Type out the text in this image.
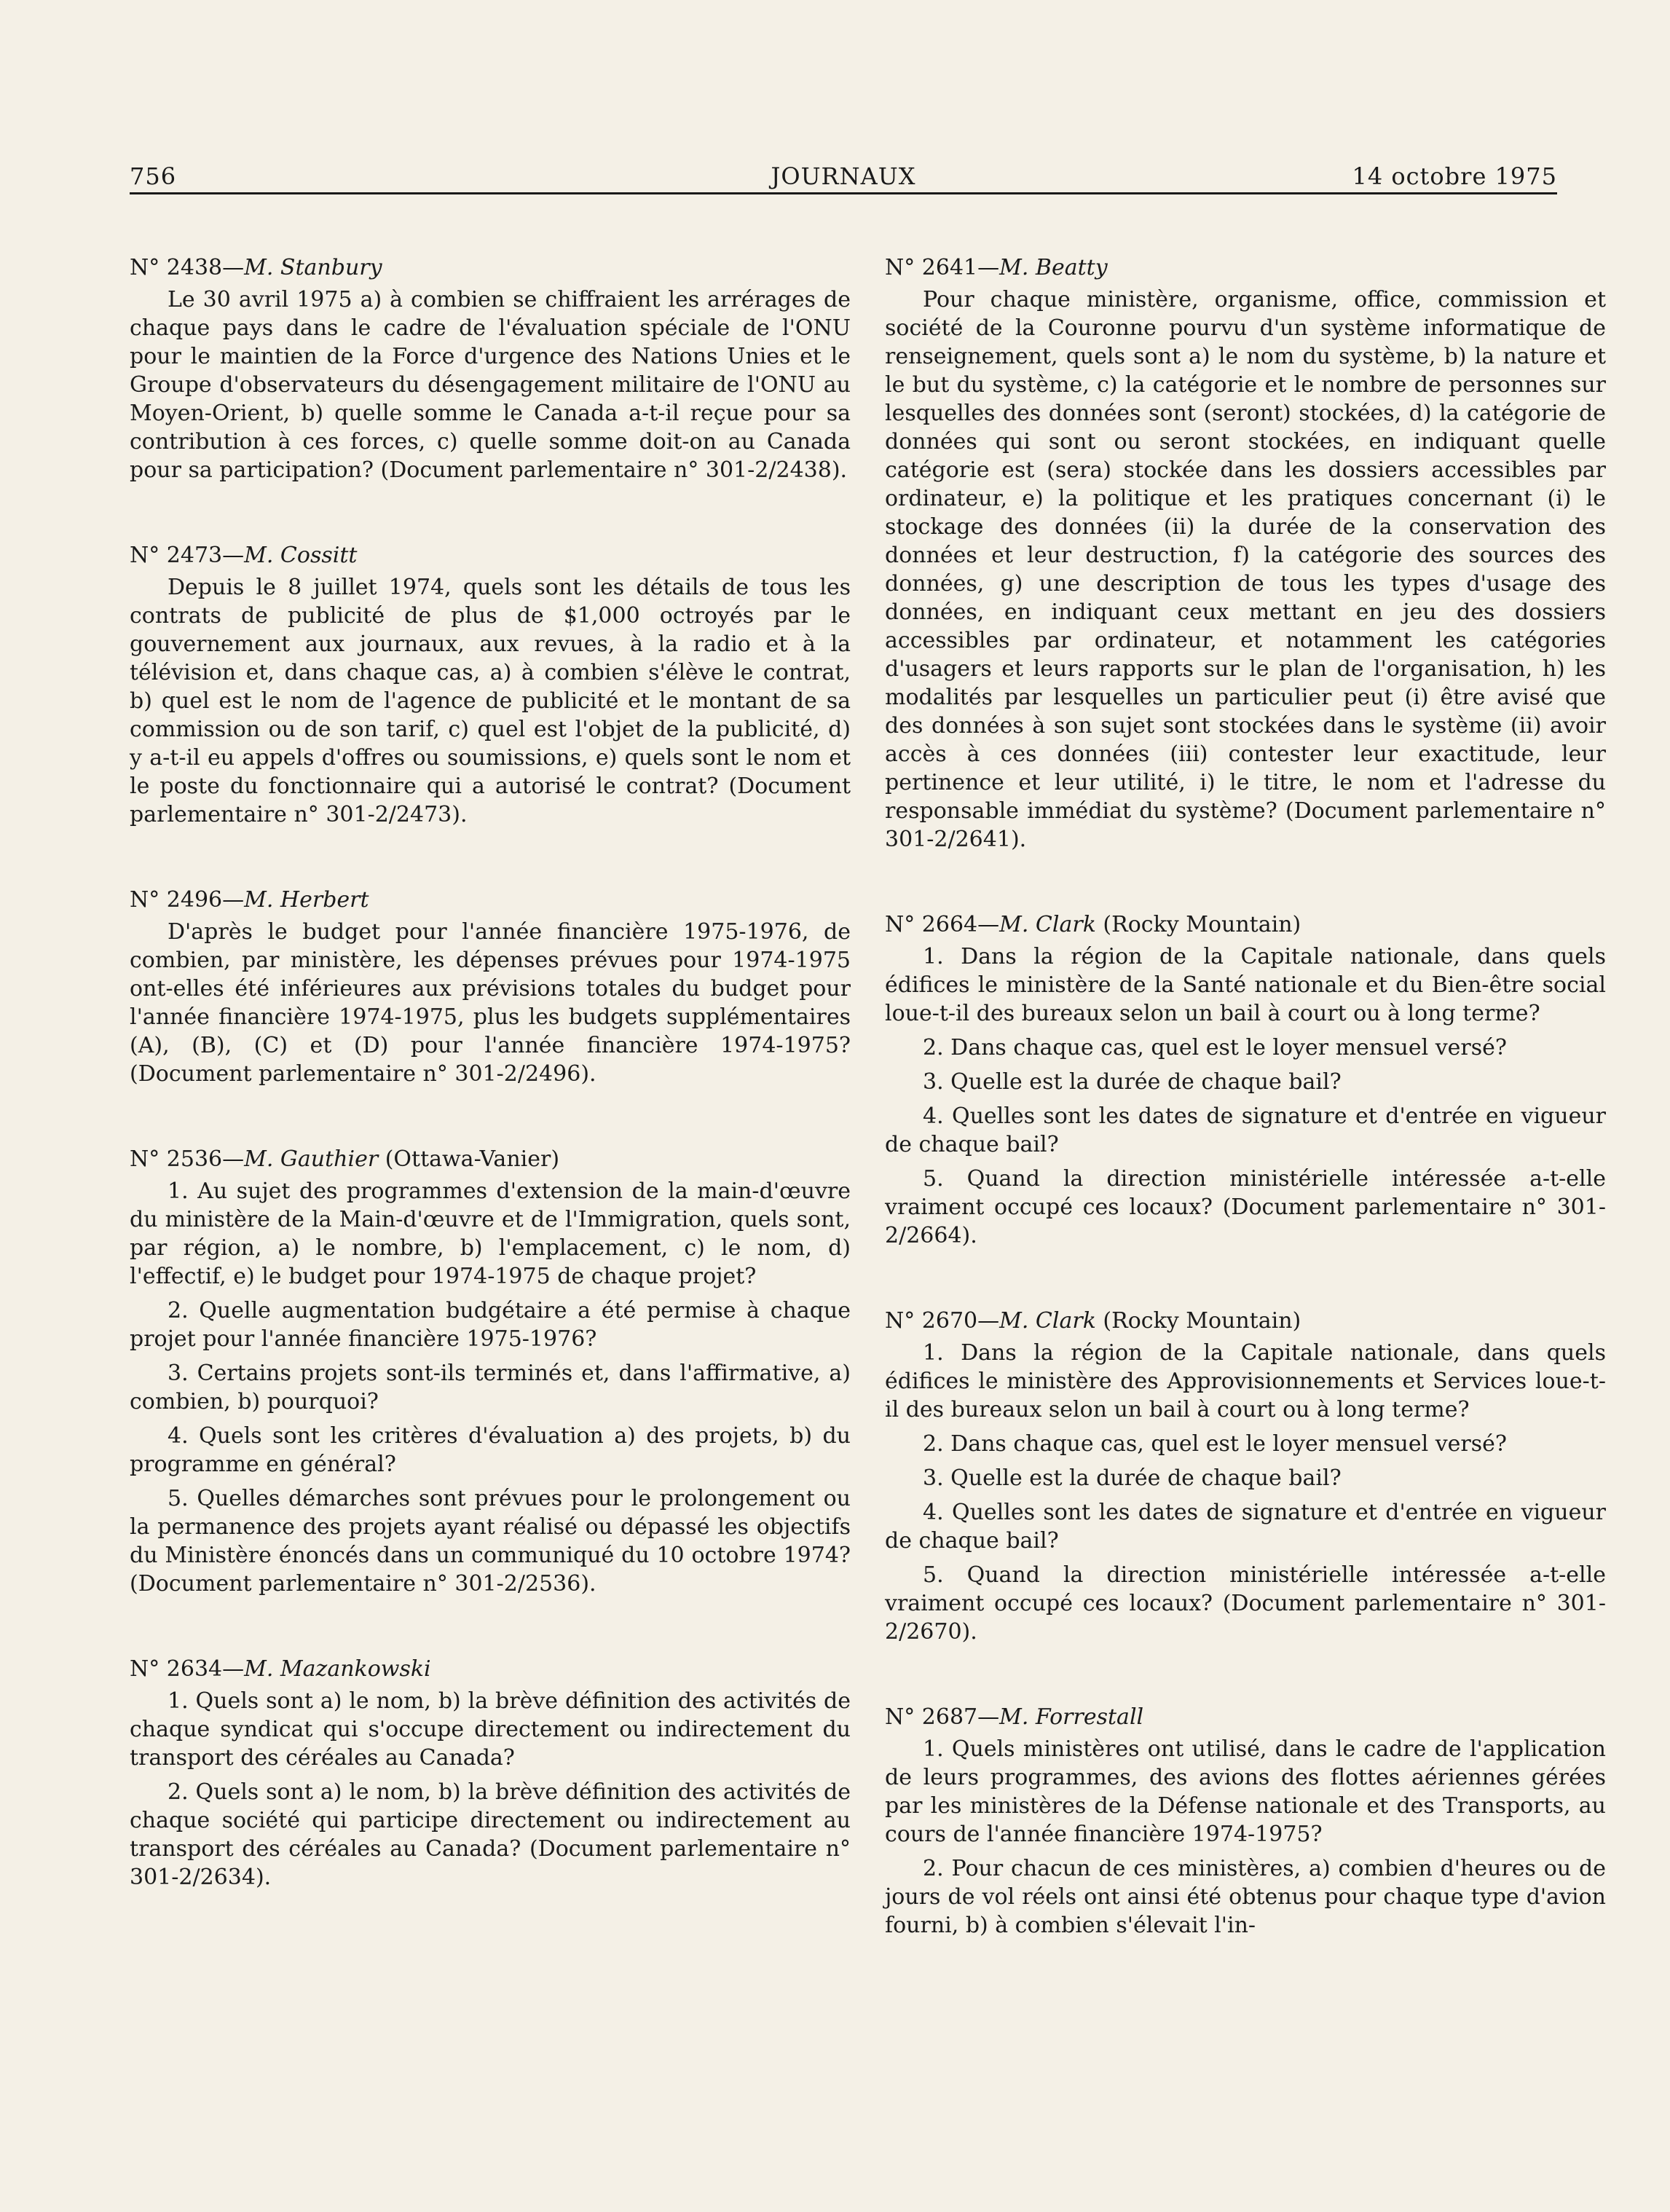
756	JOURNAUX	14 octobre 1975

N° 2438—M. Stanbury

Le 30 avril 1975 a) à combien se chiffraient les arrérages de chaque pays dans le cadre de l'évaluation spéciale de l'ONU pour le maintien de la Force d'urgence des Nations Unies et le Groupe d'observateurs du désengagement militaire de l'ONU au Moyen-Orient, b) quelle somme le Canada a-t-il reçue pour sa contribution à ces forces, c) quelle somme doit-on au Canada pour sa participation? (Document parlementaire n° 301-2/2438).

N° 2473—M. Cossitt

Depuis le 8 juillet 1974, quels sont les détails de tous les contrats de publicité de plus de $1,000 octroyés par le gouvernement aux journaux, aux revues, à la radio et à la télévision et, dans chaque cas, a) à combien s'élève le contrat, b) quel est le nom de l'agence de publicité et le montant de sa commission ou de son tarif, c) quel est l'objet de la publicité, d) y a-t-il eu appels d'offres ou soumissions, e) quels sont le nom et le poste du fonctionnaire qui a autorisé le contrat? (Document parlementaire n° 301-2/2473).

N° 2496—M. Herbert

D'après le budget pour l'année financière 1975-1976, de combien, par ministère, les dépenses prévues pour 1974-1975 ont-elles été inférieures aux prévisions totales du budget pour l'année financière 1974-1975, plus les budgets supplémentaires (A), (B), (C) et (D) pour l'année financière 1974-1975? (Document parlementaire n° 301-2/2496).

N° 2536—M. Gauthier (Ottawa-Vanier)

1. Au sujet des programmes d'extension de la main-d'œuvre du ministère de la Main-d'œuvre et de l'Immigration, quels sont, par région, a) le nombre, b) l'emplacement, c) le nom, d) l'effectif, e) le budget pour 1974-1975 de chaque projet?

2. Quelle augmentation budgétaire a été permise à chaque projet pour l'année financière 1975-1976?

3. Certains projets sont-ils terminés et, dans l'affirmative, a) combien, b) pourquoi?

4. Quels sont les critères d'évaluation a) des projets, b) du programme en général?

5. Quelles démarches sont prévues pour le prolongement ou la permanence des projets ayant réalisé ou dépassé les objectifs du Ministère énoncés dans un communiqué du 10 octobre 1974? (Document parlementaire n° 301-2/2536).

N° 2634—M. Mazankowski

1. Quels sont a) le nom, b) la brève définition des activités de chaque syndicat qui s'occupe directement ou indirectement du transport des céréales au Canada?

2. Quels sont a) le nom, b) la brève définition des activités de chaque société qui participe directement ou indirectement au transport des céréales au Canada? (Document parlementaire n° 301-2/2634).

N° 2641—M. Beatty

Pour chaque ministère, organisme, office, commission et société de la Couronne pourvu d'un système informatique de renseignement, quels sont a) le nom du système, b) la nature et le but du système, c) la catégorie et le nombre de personnes sur lesquelles des données sont (seront) stockées, d) la catégorie de données qui sont ou seront stockées, en indiquant quelle catégorie est (sera) stockée dans les dossiers accessibles par ordinateur, e) la politique et les pratiques concernant (i) le stockage des données (ii) la durée de la conservation des données et leur destruction, f) la catégorie des sources des données, g) une description de tous les types d'usage des données, en indiquant ceux mettant en jeu des dossiers accessibles par ordinateur, et notamment les catégories d'usagers et leurs rapports sur le plan de l'organisation, h) les modalités par lesquelles un particulier peut (i) être avisé que des données à son sujet sont stockées dans le système (ii) avoir accès à ces données (iii) contester leur exactitude, leur pertinence et leur utilité, i) le titre, le nom et l'adresse du responsable immédiat du système? (Document parlementaire n° 301-2/2641).

N° 2664—M. Clark (Rocky Mountain)

1. Dans la région de la Capitale nationale, dans quels édifices le ministère de la Santé nationale et du Bien-être social loue-t-il des bureaux selon un bail à court ou à long terme?

2. Dans chaque cas, quel est le loyer mensuel versé?

3. Quelle est la durée de chaque bail?

4. Quelles sont les dates de signature et d'entrée en vigueur de chaque bail?

5. Quand la direction ministérielle intéressée a-t-elle vraiment occupé ces locaux? (Document parlementaire n° 301-2/2664).

N° 2670—M. Clark (Rocky Mountain)

1. Dans la région de la Capitale nationale, dans quels édifices le ministère des Approvisionnements et Services loue-t-il des bureaux selon un bail à court ou à long terme?

2. Dans chaque cas, quel est le loyer mensuel versé?

3. Quelle est la durée de chaque bail?

4. Quelles sont les dates de signature et d'entrée en vigueur de chaque bail?

5. Quand la direction ministérielle intéressée a-t-elle vraiment occupé ces locaux? (Document parlementaire n° 301-2/2670).

N° 2687—M. Forrestall

1. Quels ministères ont utilisé, dans le cadre de l'application de leurs programmes, des avions des flottes aériennes gérées par les ministères de la Défense nationale et des Transports, au cours de l'année financière 1974-1975?

2. Pour chacun de ces ministères, a) combien d'heures ou de jours de vol réels ont ainsi été obtenus pour chaque type d'avion fourni, b) à combien s'élevait l'in-
